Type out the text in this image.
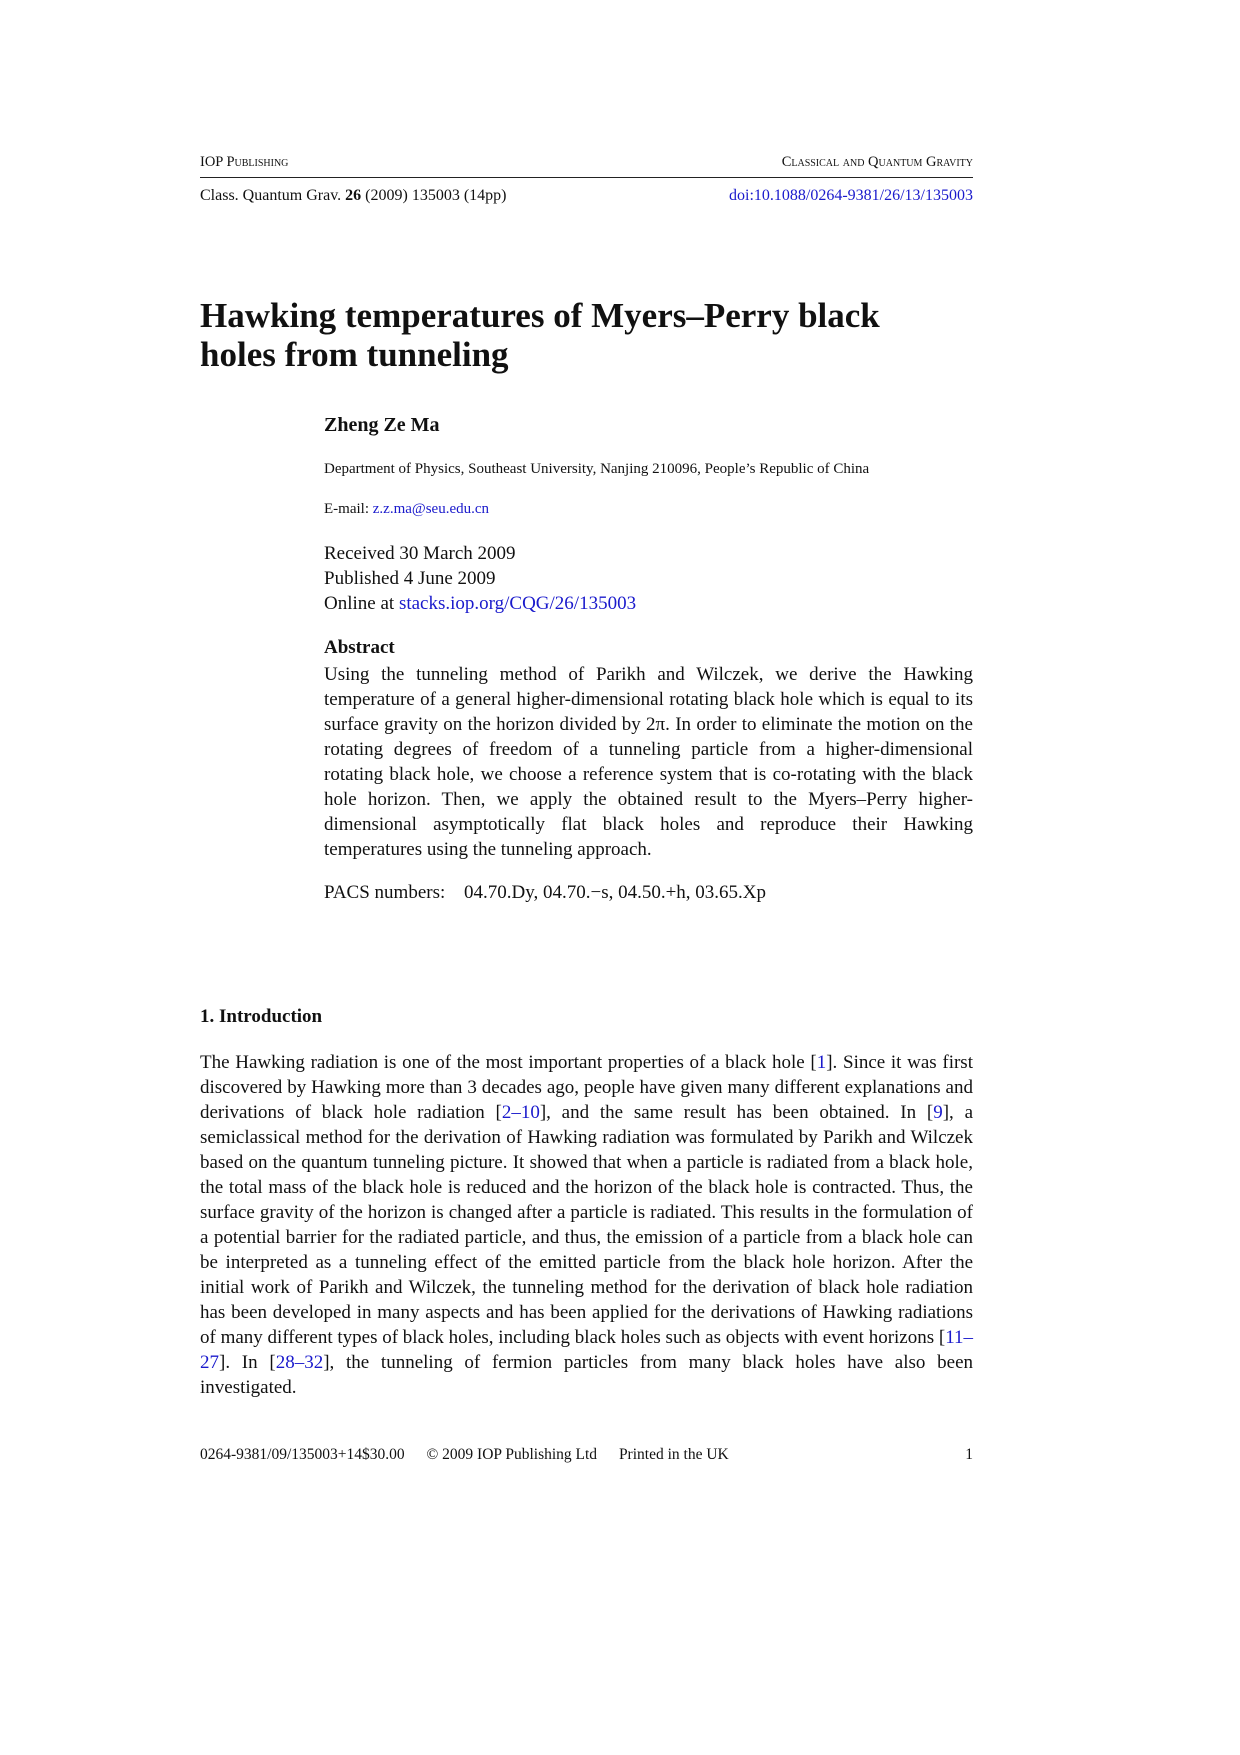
IOP Publishing	Classical and Quantum Gravity
Class. Quantum Grav. 26 (2009) 135003 (14pp)	doi:10.1088/0264-9381/26/13/135003
Hawking temperatures of Myers–Perry black holes from tunneling
Zheng Ze Ma
Department of Physics, Southeast University, Nanjing 210096, People’s Republic of China
E-mail: z.z.ma@seu.edu.cn
Received 30 March 2009
Published 4 June 2009
Online at stacks.iop.org/CQG/26/135003
Abstract

Using the tunneling method of Parikh and Wilczek, we derive the Hawking temperature of a general higher-dimensional rotating black hole which is equal to its surface gravity on the horizon divided by 2π. In order to eliminate the motion on the rotating degrees of freedom of a tunneling particle from a higher-dimensional rotating black hole, we choose a reference system that is co-rotating with the black hole horizon. Then, we apply the obtained result to the Myers–Perry higher-dimensional asymptotically flat black holes and reproduce their Hawking temperatures using the tunneling approach.

PACS numbers: 04.70.Dy, 04.70.−s, 04.50.+h, 03.65.Xp
1. Introduction

The Hawking radiation is one of the most important properties of a black hole [1]. Since it was first discovered by Hawking more than 3 decades ago, people have given many different explanations and derivations of black hole radiation [2–10], and the same result has been obtained. In [9], a semiclassical method for the derivation of Hawking radiation was formulated by Parikh and Wilczek based on the quantum tunneling picture. It showed that when a particle is radiated from a black hole, the total mass of the black hole is reduced and the horizon of the black hole is contracted. Thus, the surface gravity of the horizon is changed after a particle is radiated. This results in the formulation of a potential barrier for the radiated particle, and thus, the emission of a particle from a black hole can be interpreted as a tunneling effect of the emitted particle from the black hole horizon. After the initial work of Parikh and Wilczek, the tunneling method for the derivation of black hole radiation has been developed in many aspects and has been applied for the derivations of Hawking radiations of many different types of black holes, including black holes such as objects with event horizons [11–27]. In [28–32], the tunneling of fermion particles from many black holes have also been investigated.

0264-9381/09/135003+14$30.00 © 2009 IOP Publishing Ltd Printed in the UK	1
